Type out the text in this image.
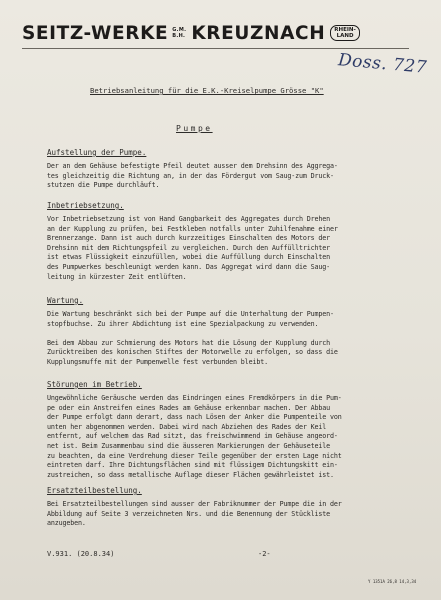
SEITZ-WERKE G.M.
B.H. KREUZNACH RHEIN-
LAND
Doss. 727
Betriebsanleitung für die E.K.-Kreiselpumpe Grösse "K"
Pumpe
Aufstellung der Pumpe.
Der an dem Gehäuse befestigte Pfeil deutet ausser dem Drehsinn des Aggrega-
tes gleichzeitig die Richtung an, in der das Fördergut vom Saug-zum Druck-
stutzen die Pumpe durchläuft.
Inbetriebsetzung.
Vor Inbetriebsetzung ist von Hand Gangbarkeit des Aggregates durch Drehen
an der Kupplung zu prüfen, bei Festkleben notfalls unter Zuhilfenahme einer
Brennerzange. Dann ist auch durch kurzzeitiges Einschalten des Motors der
Drehsinn mit dem Richtungspfeil zu vergleichen. Durch den Auffülltrichter
ist etwas Flüssigkeit einzufüllen, wobei die Auffüllung durch Einschalten
des Pumpwerkes beschleunigt werden kann. Das Aggregat wird dann die Saug-
leitung in kürzester Zeit entlüften.
Wartung.
Die Wartung beschränkt sich bei der Pumpe auf die Unterhaltung der Pumpen-
stopfbuchse. Zu ihrer Abdichtung ist eine Spezialpackung zu verwenden.

Bei dem Abbau zur Schmierung des Motors hat die Lösung der Kupplung durch
Zurücktreiben des konischen Stiftes der Motorwelle zu erfolgen, so dass die
Kupplungsmuffe mit der Pumpenwelle fest verbunden bleibt.
Störungen im Betrieb.
Ungewöhnliche Geräusche werden das Eindringen eines Fremdkörpers in die Pum-
pe oder ein Anstreifen eines Rades am Gehäuse erkennbar machen. Der Abbau
der Pumpe erfolgt dann derart, dass nach Lösen der Anker die Pumpenteile von
unten her abgenommen werden. Dabei wird nach Abziehen des Rades der Keil
entfernt, auf welchem das Rad sitzt, das freischwimmend im Gehäuse angeord-
net ist. Beim Zusammenbau sind die äusseren Markierungen der Gehäuseteile
zu beachten, da eine Verdrehung dieser Teile gegenüber der ersten Lage nicht
eintreten darf. Ihre Dichtungsflächen sind mit flüssigem Dichtungskitt ein-
zustreichen, so dass metallische Auflage dieser Flächen gewährleistet ist.
Ersatzteilbestellung.
Bei Ersatzteilbestellungen sind ausser der Fabriknummer der Pumpe die in der
Abbildung auf Seite 3 verzeichneten Nrs. und die Benennung der Stückliste
anzugeben.
V.931. (20.8.34)	-2-
Y 1351A 26,8 14,3,34
